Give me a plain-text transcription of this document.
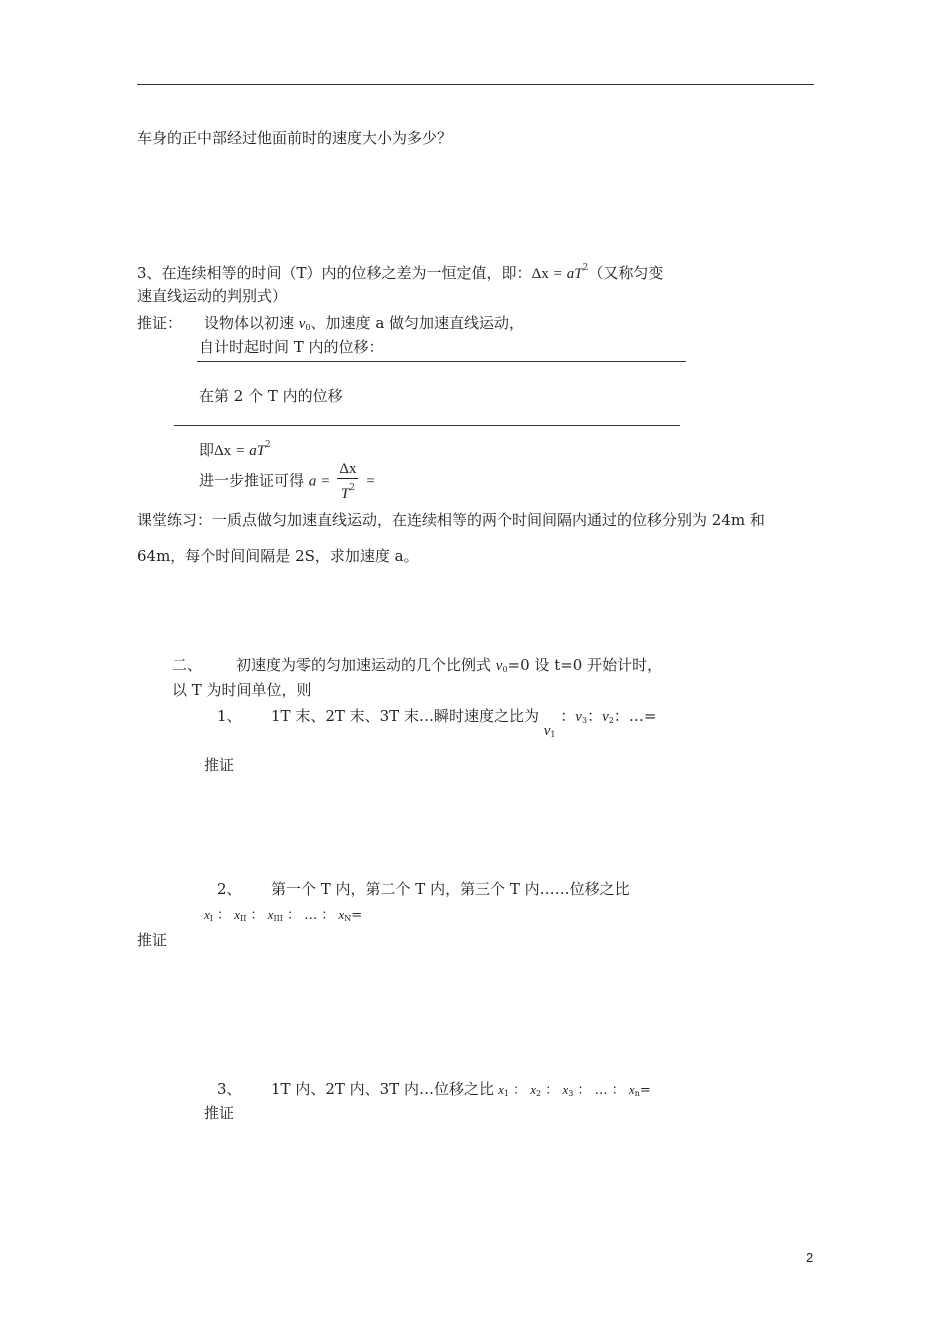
车身的正中部经过他面前时的速度大小为多少？
3、在连续相等的时间（T）内的位移之差为一恒定值，即：$\Delta x = aT^2$（又称匀变
速直线运动的判别式）
推证： 设物体以初速 $v_0$、加速度 a 做匀加速直线运动，
自计时起时间 T 内的位移：
在第 2 个 T 内的位移
即$\Delta x = aT^2$
进一步推证可得 $a = \frac{\Delta x}{T^2}$ =
课堂练习：一质点做匀加速直线运动，在连续相等的两个时间间隔内通过的位移分别为 24m 和
64m，每个时间间隔是 2S，求加速度 a。
二、 初速度为零的匀加速运动的几个比例式 $v_0=0$ 设 t=0 开始计时，
以 T 为时间单位，则
1、 1T 末、2T 末、3T 末…瞬时速度之比为 $v_1$ ：$v_3$：$v_2$：…=
推证
2、 第一个 T 内，第二个 T 内，第三个 T 内……位移之比
$x_I$ ： $x_{II}$ ： $x_{III}$ ： … ： $x_N=$
推证
3、 1T 内、2T 内、3T 内…位移之比 $x_1$ ： $x_2$ ： $x_3$ ： … ： $x_n=$
推证
2
